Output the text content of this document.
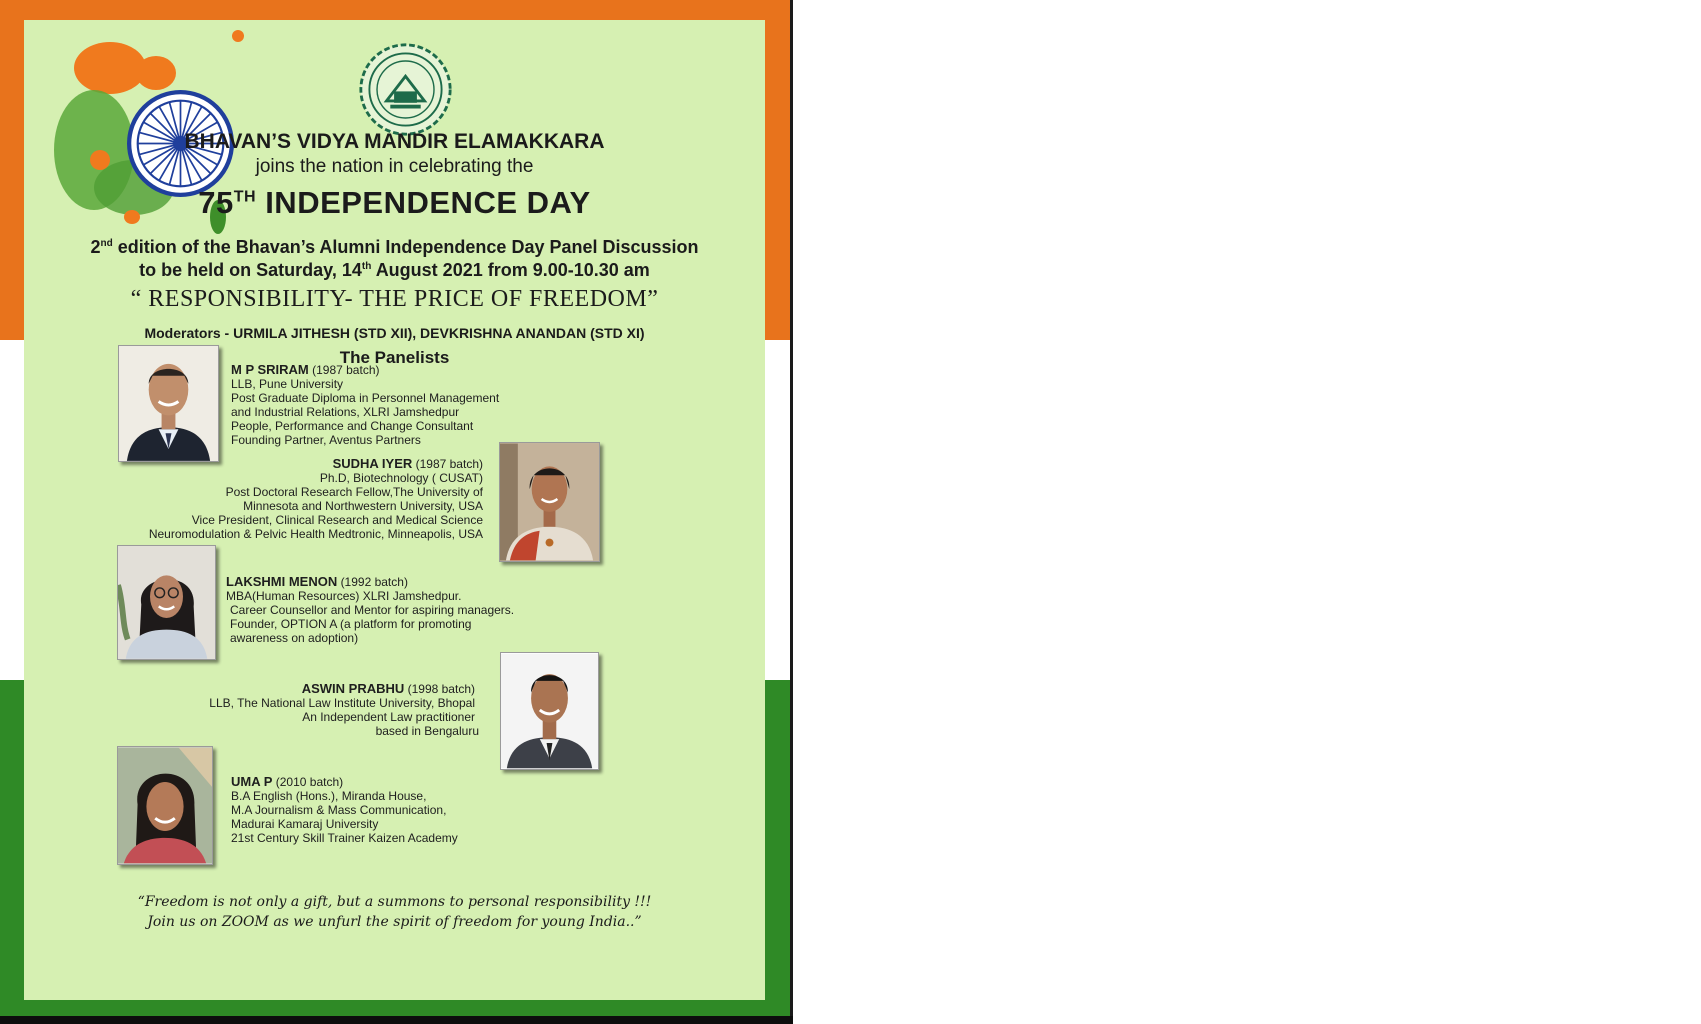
BHAVAN’S VIDYA MANDIR ELAMAKKARA
joins the nation in celebrating the
75TH INDEPENDENCE DAY
2nd edition of the Bhavan’s Alumni Independence Day Panel Discussion
to be held on Saturday, 14th August 2021 from 9.00-10.30 am
“ RESPONSIBILITY- THE PRICE OF FREEDOM”
Moderators - URMILA JITHESH (STD XII), DEVKRISHNA ANANDAN (STD XI)
The Panelists
M P SRIRAM (1987 batch)
LLB, Pune University
Post Graduate Diploma in Personnel Management
and Industrial Relations, XLRI Jamshedpur
People, Performance and Change Consultant
Founding Partner, Aventus Partners
SUDHA IYER (1987 batch)
Ph.D, Biotechnology ( CUSAT)
Post Doctoral Research Fellow,The University of
Minnesota and Northwestern University, USA
Vice President, Clinical Research and Medical Science
Neuromodulation & Pelvic Health Medtronic, Minneapolis, USA
LAKSHMI MENON (1992 batch)
MBA(Human Resources) XLRI Jamshedpur.
Career Counsellor and Mentor for aspiring managers.
Founder, OPTION A (a platform for promoting
awareness on adoption)
ASWIN PRABHU (1998 batch)
LLB, The National Law Institute University, Bhopal
An Independent Law practitioner
based in Bengaluru
UMA P (2010 batch)
B.A English (Hons.), Miranda House,
M.A Journalism & Mass Communication,
Madurai Kamaraj University
21st Century Skill Trainer Kaizen Academy
“Freedom is not only a gift, but a summons to personal responsibility !!!
Join us on ZOOM as we unfurl the spirit of freedom for young India..”
